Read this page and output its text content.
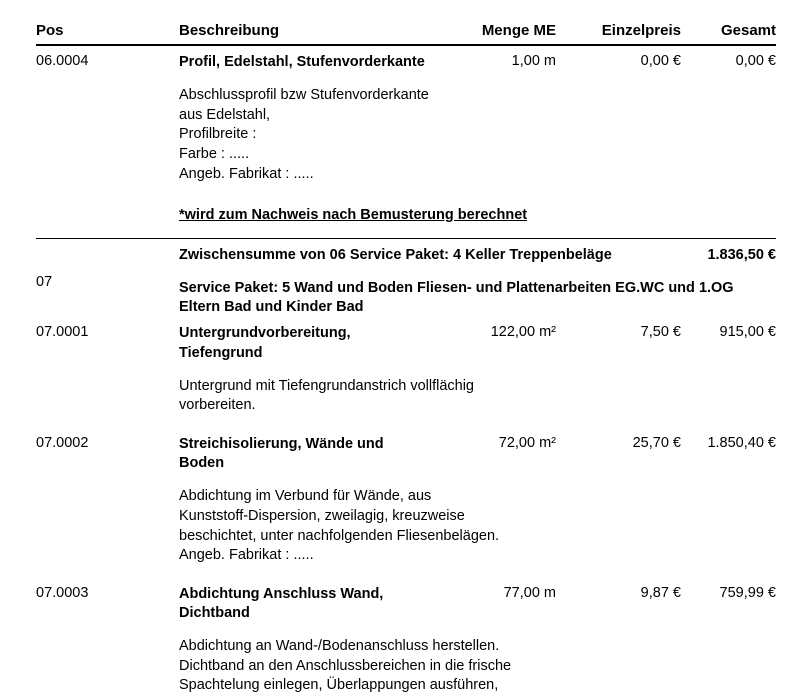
Pos	Beschreibung	Menge ME	Einzelpreis	Gesamt
06.0004	Profil, Edelstahl, Stufenvorderkante	1,00 m	0,00 €	0,00 €

Abschlussprofil bzw Stufenvorderkante
aus Edelstahl,
Profilbreite :
Farbe : .....
Angeb. Fabrikat : .....
*wird zum Nachweis nach Bemusterung berechnet

	Zwischensumme von 06 Service Paket: 4 Keller Treppenbeläge			1.836,50 €

07	Service Paket: 5 Wand und Boden Fliesen- und Plattenarbeiten EG.WC und 1.OG Eltern Bad und Kinder Bad			
07.0001	Untergrundvorbereitung, Tiefengrund	122,00 m²	7,50 €	915,00 €

	Untergrund mit Tiefengrundanstrich vollflächig
vorbereiten.			

07.0002	Streichisolierung, Wände und Boden	72,00 m²	25,70 €	1.850,40 €

	Abdichtung im Verbund für Wände, aus
Kunststoff-Dispersion, zweilagig, kreuzweise
beschichtet, unter nachfolgenden Fliesenbelägen.
Angeb. Fabrikat : .....			

07.0003	Abdichtung Anschluss Wand, Dichtband	77,00 m	9,87 €	759,99 €

	Abdichtung an Wand-/Bodenanschluss herstellen.
Dichtband an den Anschlussbereichen in die frische
Spachtelung einlegen, Überlappungen ausführen,			
